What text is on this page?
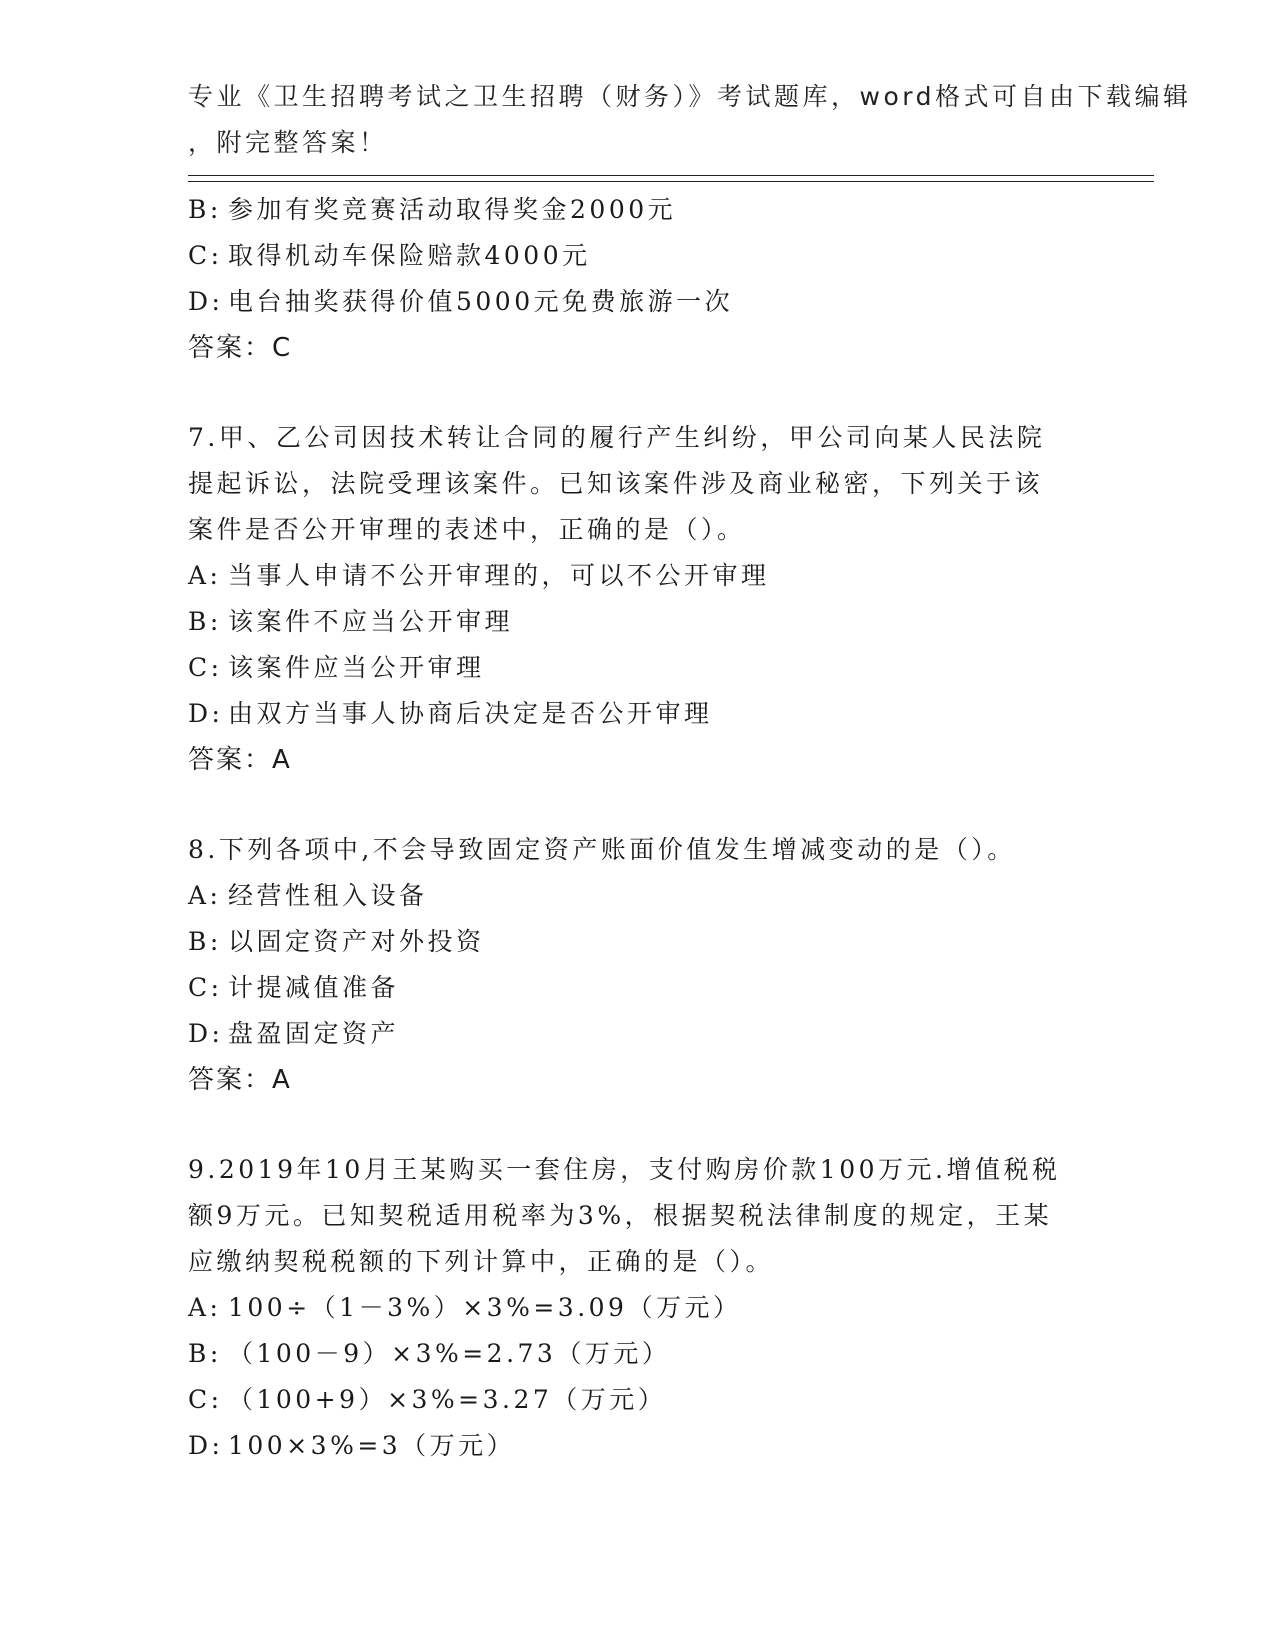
专业《卫生招聘考试之卫生招聘（财务）》考试题库，word格式可自由下载编辑
，附完整答案！
B: 参加有奖竞赛活动取得奖金2000元
C: 取得机动车保险赔款4000元
D: 电台抽奖获得价值5000元免费旅游一次
答案：C
7.甲、乙公司因技术转让合同的履行产生纠纷，甲公司向某人民法院
提起诉讼，法院受理该案件。已知该案件涉及商业秘密，下列关于该
案件是否公开审理的表述中，正确的是（）。
A: 当事人申请不公开审理的，可以不公开审理
B: 该案件不应当公开审理
C: 该案件应当公开审理
D: 由双方当事人协商后决定是否公开审理
答案：A
8.下列各项中,不会导致固定资产账面价值发生增减变动的是（）。
A: 经营性租入设备
B: 以固定资产对外投资
C: 计提减值准备
D: 盘盈固定资产
答案：A
9.2019年10月王某购买一套住房，支付购房价款100万元.增值税税
额9万元。已知契税适用税率为3%，根据契税法律制度的规定，王某
应缴纳契税税额的下列计算中，正确的是（）。
A: 100÷（1－3%）×3%=3.09（万元）
B: （100－9）×3%=2.73（万元）
C: （100+9）×3%=3.27（万元）
D: 100×3%=3（万元）
